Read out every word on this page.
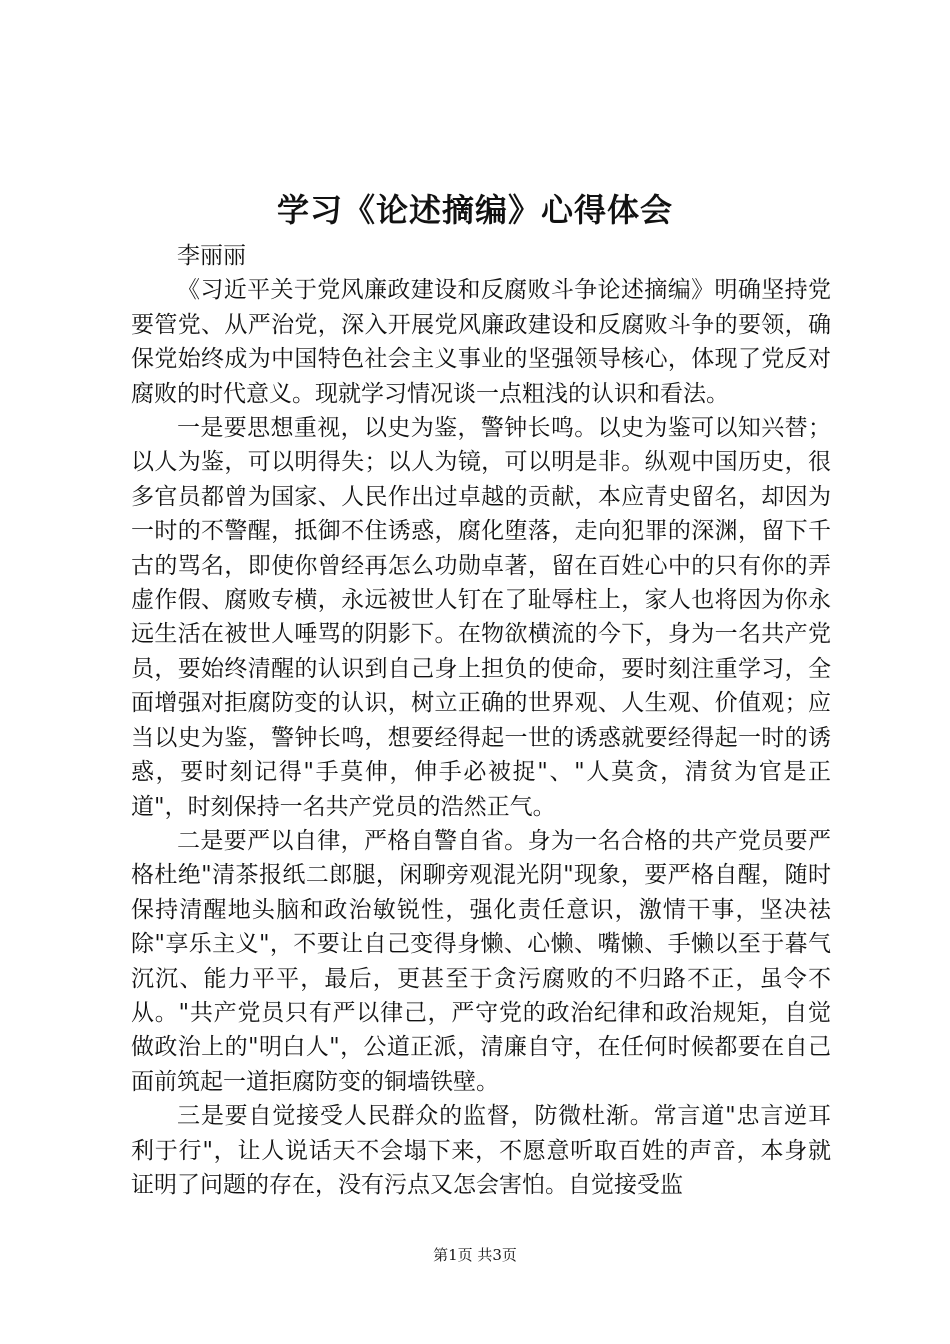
学习《论述摘编》心得体会

李丽丽

《习近平关于党风廉政建设和反腐败斗争论述摘编》明确坚持党要管党、从严治党，深入开展党风廉政建设和反腐败斗争的要领，确保党始终成为中国特色社会主义事业的坚强领导核心，体现了党反对腐败的时代意义。现就学习情况谈一点粗浅的认识和看法。

一是要思想重视，以史为鉴，警钟长鸣。以史为鉴可以知兴替；以人为鉴，可以明得失；以人为镜，可以明是非。纵观中国历史，很多官员都曾为国家、人民作出过卓越的贡献，本应青史留名，却因为一时的不警醒，抵御不住诱惑，腐化堕落，走向犯罪的深渊，留下千古的骂名，即使你曾经再怎么功勋卓著，留在百姓心中的只有你的弄虚作假、腐败专横，永远被世人钉在了耻辱柱上，家人也将因为你永远生活在被世人唾骂的阴影下。在物欲横流的今下，身为一名共产党员，要始终清醒的认识到自己身上担负的使命，要时刻注重学习，全面增强对拒腐防变的认识，树立正确的世界观、人生观、价值观；应当以史为鉴，警钟长鸣，想要经得起一世的诱惑就要经得起一时的诱惑，要时刻记得"手莫伸，伸手必被捉"、"人莫贪，清贫为官是正道"，时刻保持一名共产党员的浩然正气。

二是要严以自律，严格自警自省。身为一名合格的共产党员要严格杜绝"清茶报纸二郎腿，闲聊旁观混光阴"现象，要严格自醒，随时保持清醒地头脑和政治敏锐性，强化责任意识，激情干事，坚决祛除"享乐主义"，不要让自己变得身懒、心懒、嘴懒、手懒以至于暮气沉沉、能力平平，最后，更甚至于贪污腐败的不归路不正，虽令不从。"共产党员只有严以律己，严守党的政治纪律和政治规矩，自觉做政治上的"明白人"，公道正派，清廉自守，在任何时候都要在自己面前筑起一道拒腐防变的铜墙铁壁。

三是要自觉接受人民群众的监督，防微杜渐。常言道"忠言逆耳利于行"，让人说话天不会塌下来，不愿意听取百姓的声音，本身就证明了问题的存在，没有污点又怎会害怕。自觉接受监

第1页 共3页
